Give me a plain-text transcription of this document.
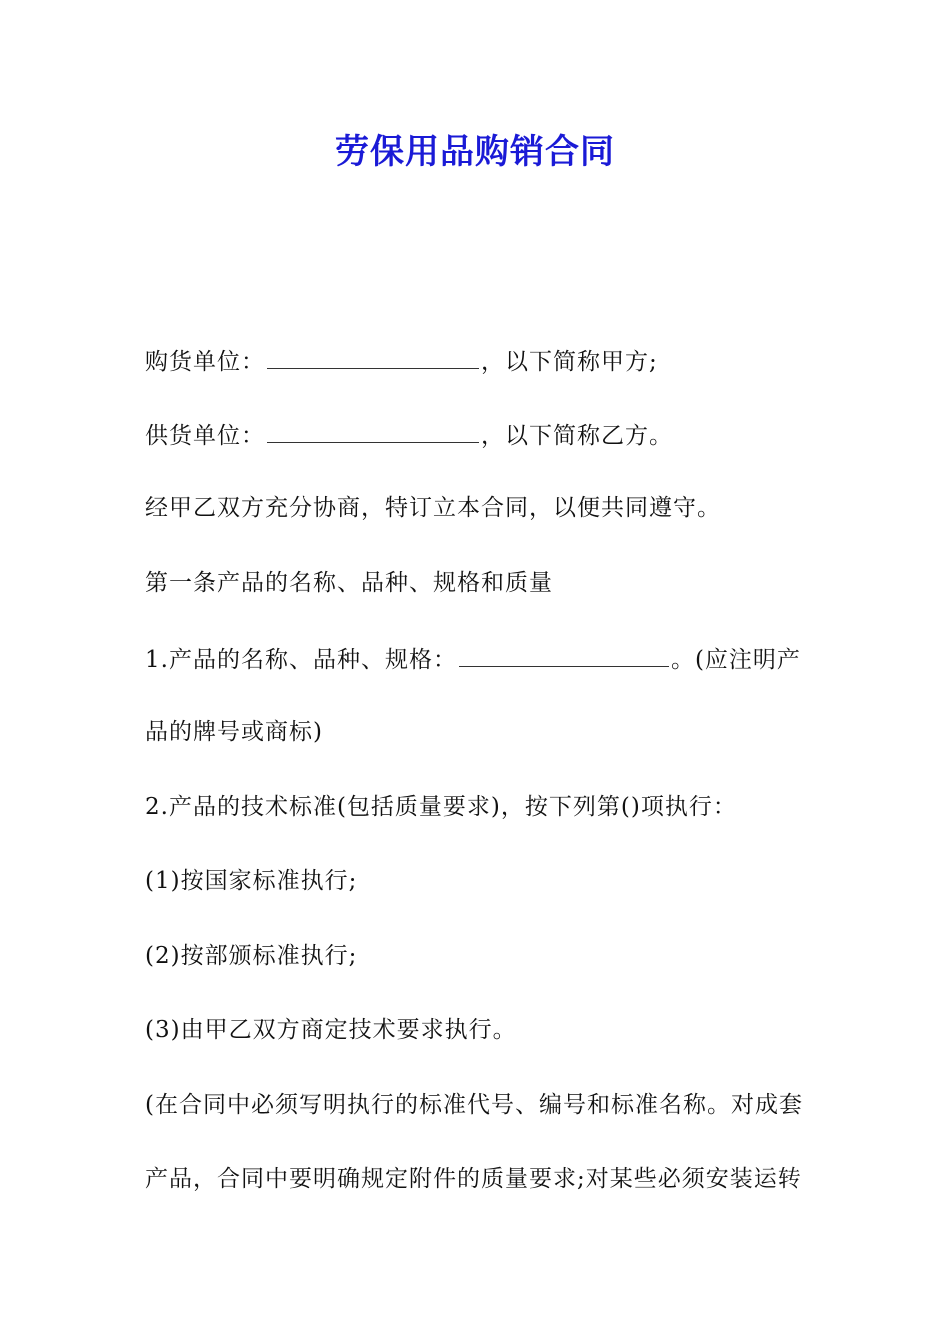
劳保用品购销合同
购货单位：	，以下简称甲方;
供货单位：	，以下简称乙方。
经甲乙双方充分协商，特订立本合同，以便共同遵守。
第一条产品的名称、品种、规格和质量
1.产品的名称、品种、规格：	。(应注明产
品的牌号或商标)
2.产品的技术标准(包括质量要求)，按下列第()项执行：
(1)按国家标准执行;
(2)按部颁标准执行;
(3)由甲乙双方商定技术要求执行。
(在合同中必须写明执行的标准代号、编号和标准名称。对成套
产品，合同中要明确规定附件的质量要求;对某些必须安装运转
